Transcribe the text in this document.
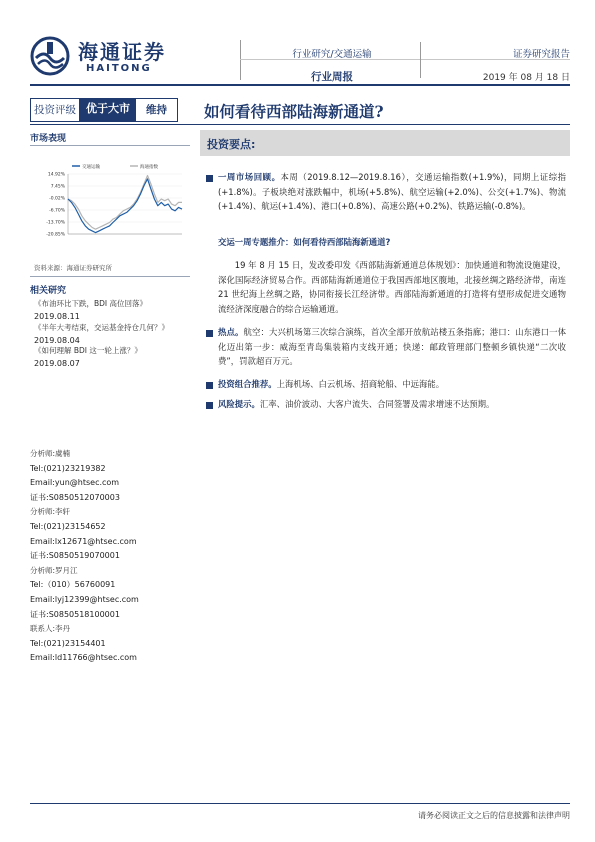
海通证券
HAITONG
行业研究/交通运输
行业周报
证券研究报告
2019 年 08 月 18 日
投资评级 优于大市	维持	如何看待西部陆海新通道?
市场表现
交通运输	海通指数
14.92%
7.45%
-0.02%
-6.70%
-13.70%
-20.85%
资料来源：海通证券研究所
相关研究
《布油环比下跌，BDI 高位回落》
2019.08.11
《半年大考结束，交运基金持仓几何？》
2019.08.04
《如何理解 BDI 这一轮上涨？》
2019.08.07
分析师:虞楠
Tel:(021)23219382
Email:yun@htsec.com
证书:S0850512070003
分析师:李轩
Tel:(021)23154652
Email:lx12671@htsec.com
证书:S0850519070001
分析师:罗月江
Tel:（010）56760091
Email:lyj12399@htsec.com
证书:S0850518100001
联系人:李丹
Tel:(021)23154401
Email:ld11766@htsec.com
投资要点:
一周市场回顾。本周（2019.8.12—2019.8.16），交通运输指数(+1.9%)，同期上证综指(+1.8%)。子板块绝对涨跌幅中，机场(+5.8%)、航空运输(+2.0%)、公交(+1.7%)、物流(+1.4%)、航运(+1.4%)、港口(+0.8%)、高速公路(+0.2%)、铁路运输(-0.8%)。
交运一周专题推介：如何看待西部陆海新通道?
19 年 8 月 15 日，发改委印发《西部陆海新通道总体规划》：加快通道和物流设施建设，深化国际经济贸易合作。西部陆海新通道位于我国西部地区腹地，北接丝绸之路经济带，南连 21 世纪海上丝绸之路，协同衔接长江经济带。西部陆海新通道的打造将有望形成促进交通物流经济深度融合的综合运输通道。
热点。航空：大兴机场第三次综合演练，首次全部开放航站楼五条指廊；港口：山东港口一体化迈出第一步：威海至青岛集装箱内支线开通；快递：邮政管理部门整顿乡镇快递“二次收费”，罚款超百万元。
投资组合推荐。上海机场、白云机场、招商轮船、中远海能。
风险提示。汇率、油价波动、大客户流失、合同签署及需求增速不达预期。
请务必阅读正文之后的信息披露和法律声明
